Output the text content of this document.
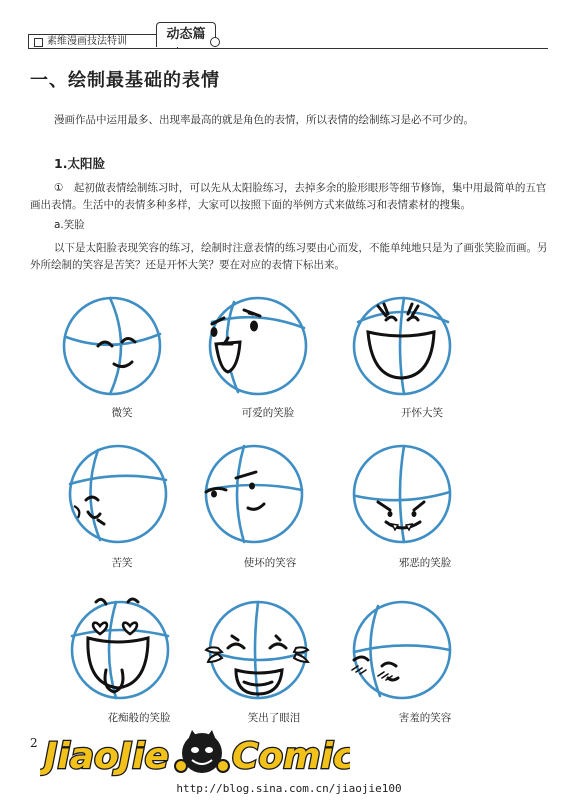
素维漫画技法特训	动态篇
一、绘制最基础的表情
漫画作品中运用最多、出现率最高的就是角色的表情，所以表情的绘制练习是必不可少的。
1.太阳脸
①　起初做表情绘制练习时，可以先从太阳脸练习，去掉多余的脸形眼形等细节修饰，集中用最简单的五官画出表情。生活中的表情多种多样，大家可以按照下面的举例方式来做练习和表情素材的搜集。
a.笑脸
以下是太阳脸表现笑容的练习，绘制时注意表情的练习要由心而发，不能单纯地只是为了画张笑脸而画。另外所绘制的笑容是苦笑？还是开怀大笑？要在对应的表情下标出来。
微笑	可爱的笑脸	开怀大笑
苦笑	使坏的笑容	邪恶的笑脸
花痴般的笑脸	笑出了眼泪	害羞的笑容
2 JiaoJie Comic
http://blog.sina.com.cn/jiaojie100
